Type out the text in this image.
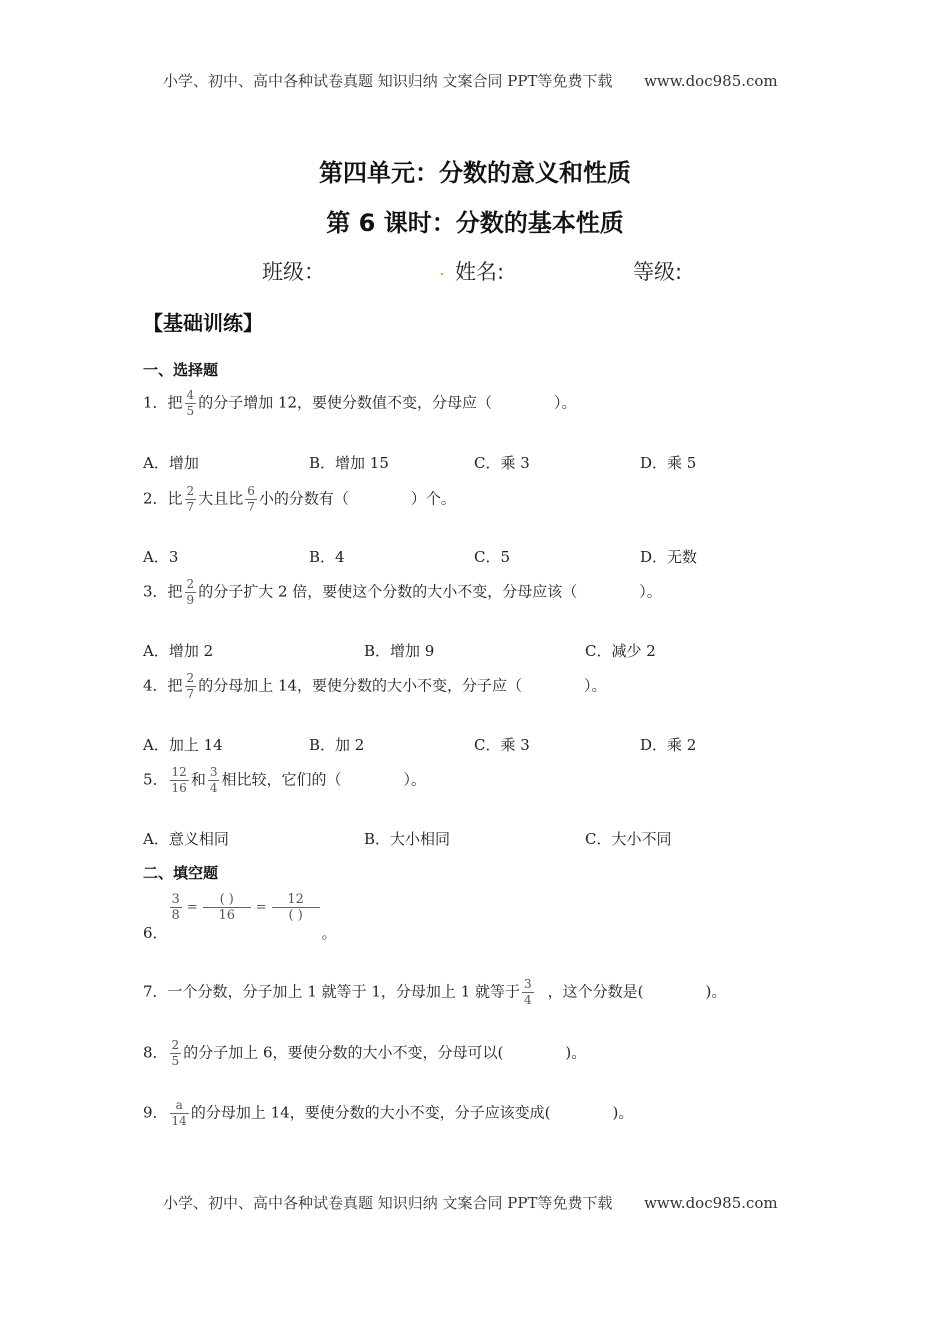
小学、初中、高中各种试卷真题 知识归纳 文案合同 PPT等免费下载 www.doc985.com
第四单元：分数的意义和性质
第 6 课时：分数的基本性质
班级：	. 姓名:	等级:
【基础训练】
一、选择题
1．把 $\frac{4}{5}$ 的分子增加 12，要使分数值不变，分母应（	）。
A．增加	B．增加 15	C．乘 3	D．乘 5
2．比 $\frac{2}{7}$ 大且比 $\frac{6}{7}$ 小的分数有（	）个。
A．3	B．4	C．5	D．无数
3．把 $\frac{2}{9}$ 的分子扩大 2 倍，要使这个分数的大小不变，分母应该（	）。
A．增加 2	B．增加 9	C．减少 2
4．把 $\frac{2}{7}$ 的分母加上 14，要使分数的大小不变，分子应（	）。
A．加上 14	B．加 2	C．乘 3	D．乘 2
5． $\frac{12}{16}$ 和 $\frac{3}{4}$ 相比较，它们的（	）。
A．意义相同	B．大小相同	C．大小不同
二、填空题
6．
$\frac{3}{8} = \frac{( )}{16} = \frac{12}{( )}$
。
7．一个分数，分子加上 1 就等于 1，分母加上 1 就等于 $\frac{3}{4}$ ，这个分数是(	)。
8． $\frac{2}{5}$ 的分子加上 6，要使分数的大小不变，分母可以(	)。
9． $\frac{a}{14}$ 的分母加上 14，要使分数的大小不变，分子应该变成(	)。
小学、初中、高中各种试卷真题 知识归纳 文案合同 PPT等免费下载 www.doc985.com
